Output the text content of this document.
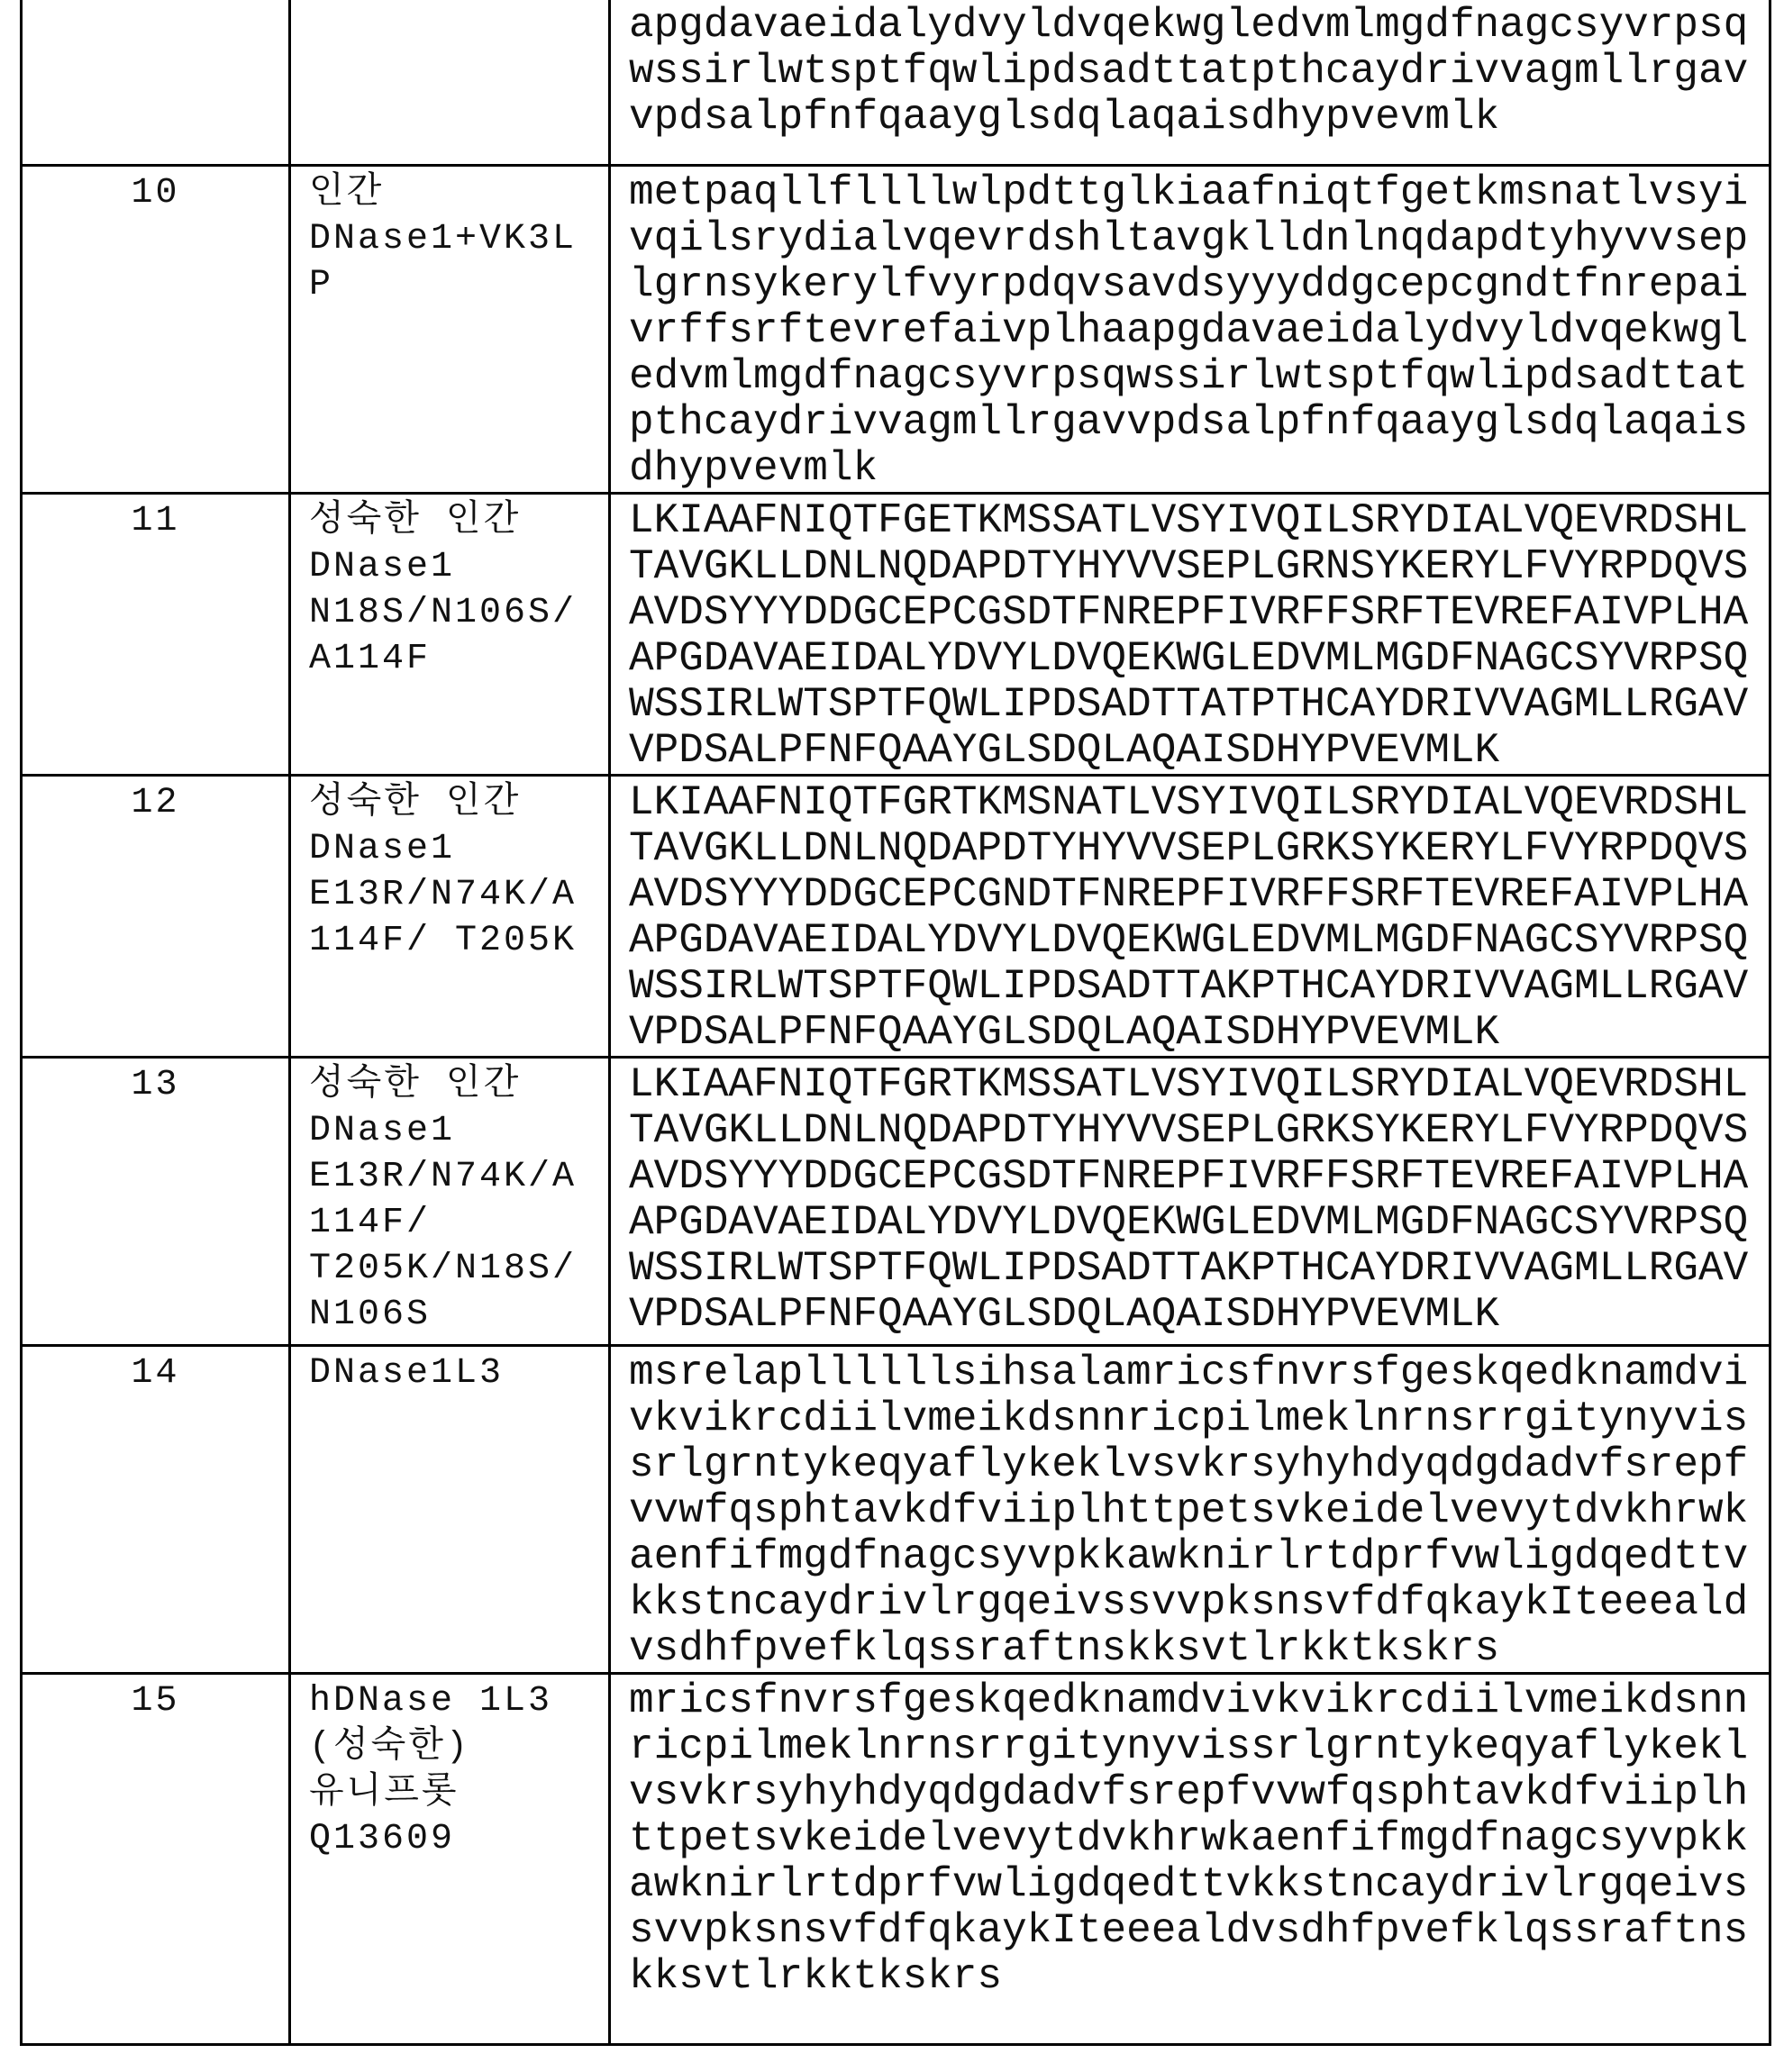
apgdavaeidalydvyldvqekwgledvmlmgdfnagcsyvrpsq
wssirlwtsptfqwlipdsadttatpthcaydrivvagmllrgav
vpdsalpfnfqaayglsdqlaqaisdhypvevmlk

10	인간
DNase1+VK3L
P	
metpaqllfllllwlpdttglkiaafniqtfgetkmsnatlvsyi
vqilsrydialvqevrdshltavgklldnlnqdapdtyhyvvsep
lgrnsykerylfvyrpdqvsavdsyyyddgcepcgndtfnrepai
vrffsrftevrefaivplhaapgdavaeidalydvyldvqekwgl
edvmlmgdfnagcsyvrpsqwssirlwtsptfqwlipdsadttat
pthcaydrivvagmllrgavvpdsalpfnfqaayglsdqlaqais
dhypvevmlk

11	성숙한 인간
DNase1
N18S/N106S/
A114F	
LKIAAFNIQTFGETKMSSATLVSYIVQILSRYDIALVQEVRDSHL
TAVGKLLDNLNQDAPDTYHYVVSEPLGRNSYKERYLFVYRPDQVS
AVDSYYYDDGCEPCGSDTFNREPFIVRFFSRFTEVREFAIVPLHA
APGDAVAEIDALYDVYLDVQEKWGLEDVMLMGDFNAGCSYVRPSQ
WSSIRLWTSPTFQWLIPDSADTTATPTHCAYDRIVVAGMLLRGAV
VPDSALPFNFQAAYGLSDQLAQAISDHYPVEVMLK

12	성숙한 인간
DNase1
E13R/N74K/A
114F/ T205K	
LKIAAFNIQTFGRTKMSNATLVSYIVQILSRYDIALVQEVRDSHL
TAVGKLLDNLNQDAPDTYHYVVSEPLGRKSYKERYLFVYRPDQVS
AVDSYYYDDGCEPCGNDTFNREPFIVRFFSRFTEVREFAIVPLHA
APGDAVAEIDALYDVYLDVQEKWGLEDVMLMGDFNAGCSYVRPSQ
WSSIRLWTSPTFQWLIPDSADTTAKPTHCAYDRIVVAGMLLRGAV
VPDSALPFNFQAAYGLSDQLAQAISDHYPVEVMLK

13	성숙한 인간
DNase1
E13R/N74K/A
114F/
T205K/N18S/
N106S	
LKIAAFNIQTFGRTKMSSATLVSYIVQILSRYDIALVQEVRDSHL
TAVGKLLDNLNQDAPDTYHYVVSEPLGRKSYKERYLFVYRPDQVS
AVDSYYYDDGCEPCGSDTFNREPFIVRFFSRFTEVREFAIVPLHA
APGDAVAEIDALYDVYLDVQEKWGLEDVMLMGDFNAGCSYVRPSQ
WSSIRLWTSPTFQWLIPDSADTTAKPTHCAYDRIVVAGMLLRGAV
VPDSALPFNFQAAYGLSDQLAQAISDHYPVEVMLK

14	DNase1L3	msrelapllllllsihsalamricsfnvrsfgeskqedknamdvi
vkvikrcdiilvmeikdsnnricpilmeklnrnsrrgitynyvis
srlgrntykeqyaflykeklvsvkrsyhyhdyqdgdadvfsrepf
vvwfqsphtavkdfviiplhttpetsvkeidelvevytdvkhrwk
aenfifmgdfnagcsyvpkkawknirlrtdprfvwligdqedttv
kkstncaydrivlrgqeivssvvpksnsvfdfqkaykIteeeald
vsdhfpvefklqssraftnskksvtlrkktkskrs

15	hDNase 1L3
(성숙한)
유니프롯
Q13609	
mricsfnvrsfgeskqedknamdvivkvikrcdiilvmeikdsnn
ricpilmeklnrnsrrgitynyvissrlgrntykeqyaflykekl
vsvkrsyhyhdyqdgdadvfsrepfvvwfqsphtavkdfviiplh
ttpetsvkeidelvevytdvkhrwkaenfifmgdfnagcsyvpkk
awknirlrtdprfvwligdqedttvkkstncaydrivlrgqeivs
svvpksnsvfdfqkaykIteeealdvsdhfpvefklqssraftns
kksvtlrkktkskrs
